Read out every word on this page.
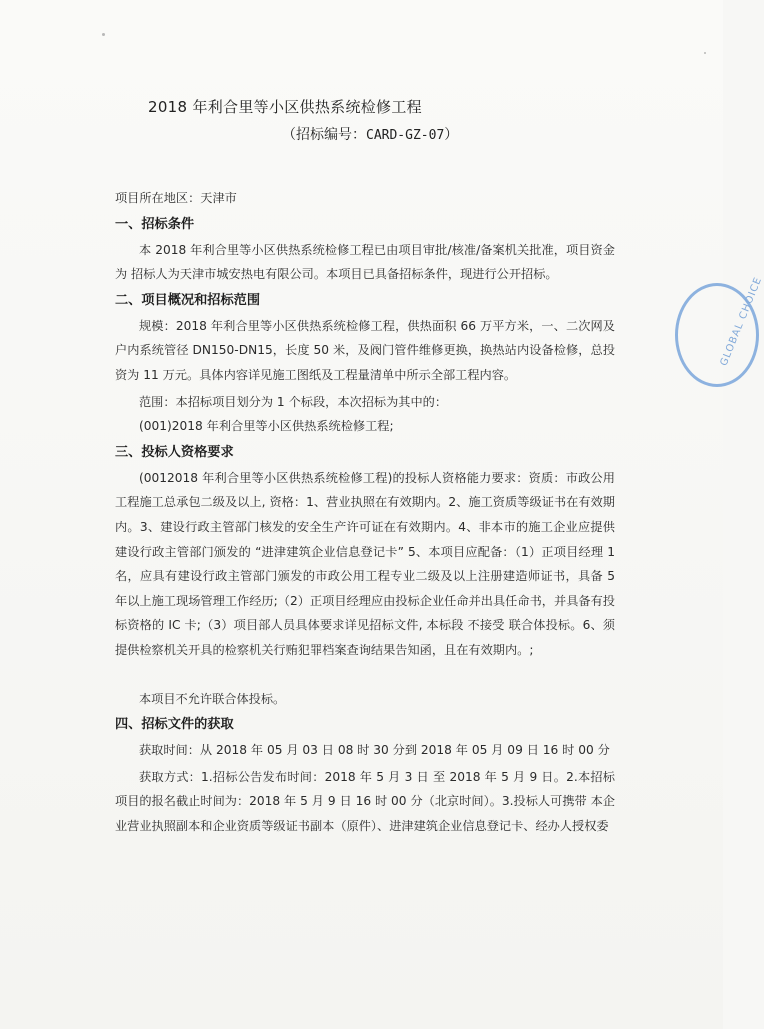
2018 年利合里等小区供热系统检修工程
（招标编号：CARD-GZ-07）

项目所在地区：天津市

一、招标条件

本 2018 年利合里等小区供热系统检修工程已由项目审批/核准/备案机关批准，项目资金为 招标人为天津市城安热电有限公司。本项目已具备招标条件，现进行公开招标。

二、项目概况和招标范围

规模：2018 年利合里等小区供热系统检修工程，供热面积 66 万平方米，一、二次网及户内系统管径 DN150-DN15，长度 50 米，及阀门管件维修更换，换热站内设备检修，总投资为 11 万元。具体内容详见施工图纸及工程量清单中所示全部工程内容。

范围：本招标项目划分为 1 个标段，本次招标为其中的：

(001)2018 年利合里等小区供热系统检修工程;

三、投标人资格要求

(0012018 年利合里等小区供热系统检修工程)的投标人资格能力要求：资质：市政公用工程施工总承包二级及以上, 资格：1、营业执照在有效期内。2、施工资质等级证书在有效期内。3、建设行政主管部门核发的安全生产许可证在有效期内。4、非本市的施工企业应提供建设行政主管部门颁发的 “进津建筑企业信息登记卡” 5、本项目应配备：（1）正项目经理 1 名，应具有建设行政主管部门颁发的市政公用工程专业二级及以上注册建造师证书，具备 5 年以上施工现场管理工作经历;（2）正项目经理应由投标企业任命并出具任命书，并具备有投标资格的 IC 卡;（3）项目部人员具体要求详见招标文件, 本标段 不接受 联合体投标。6、须提供检察机关开具的检察机关行贿犯罪档案查询结果告知函，且在有效期内。;

本项目不允许联合体投标。

四、招标文件的获取

获取时间：从 2018 年 05 月 03 日 08 时 30 分到 2018 年 05 月 09 日 16 时 00 分

获取方式：1.招标公告发布时间：2018 年 5 月 3 日 至 2018 年 5 月 9 日。2.本招标项目的报名截止时间为：2018 年 5 月 9 日 16 时 00 分（北京时间）。3.投标人可携带 本企业营业执照副本和企业资质等级证书副本（原件）、进津建筑企业信息登记卡、经办人授权委

GLOBAL CHOICE
